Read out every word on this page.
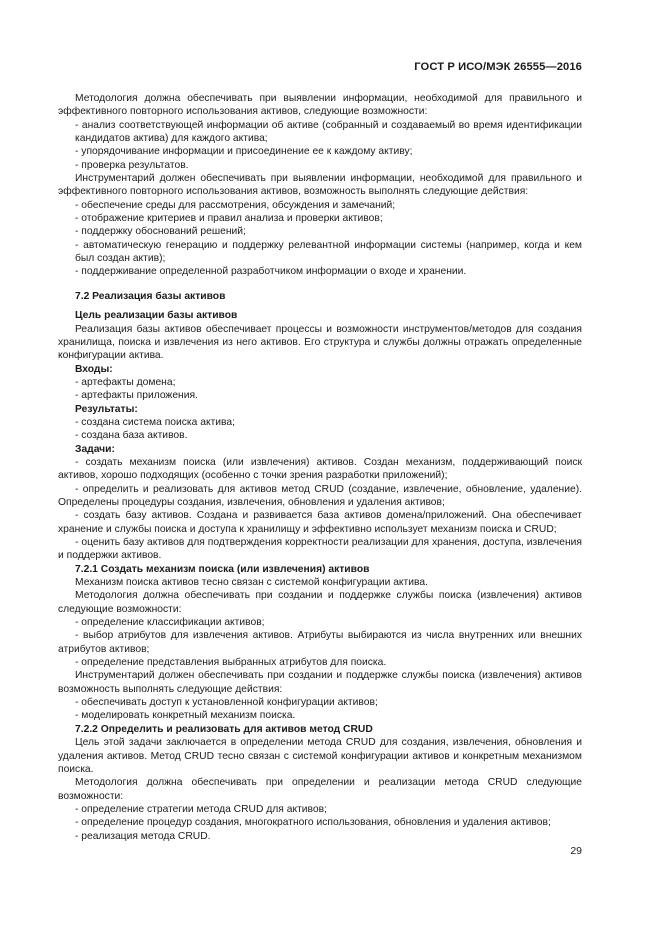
ГОСТ Р ИСО/МЭК 26555—2016

Методология должна обеспечивать при выявлении информации, необходимой для правильного и эффективного повторного использования активов, следующие возможности:

- анализ соответствующей информации об активе (собранный и создаваемый во время идентификации кандидатов актива) для каждого актива;

- упорядочивание информации и присоединение ее к каждому активу;

- проверка результатов.

Инструментарий должен обеспечивать при выявлении информации, необходимой для правильного и эффективного повторного использования активов, возможность выполнять следующие действия:

- обеспечение среды для рассмотрения, обсуждения и замечаний;

- отображение критериев и правил анализа и проверки активов;

- поддержку обоснований решений;

- автоматическую генерацию и поддержку релевантной информации системы (например, когда и кем был создан актив);

- поддерживание определенной разработчиком информации о входе и хранении.

7.2 Реализация базы активов

Цель реализации базы активов

Реализация базы активов обеспечивает процессы и возможности инструментов/методов для создания хранилища, поиска и извлечения из него активов. Его структура и службы должны отражать определенные конфигурации актива.

Входы:

- артефакты домена;

- артефакты приложения.

Результаты:

- создана система поиска актива;

- создана база активов.

Задачи:

- создать механизм поиска (или извлечения) активов. Создан механизм, поддерживающий поиск активов, хорошо подходящих (особенно с точки зрения разработки приложений);

- определить и реализовать для активов метод CRUD (создание, извлечение, обновление, удаление). Определены процедуры создания, извлечения, обновления и удаления активов;

- создать базу активов. Создана и развивается база активов домена/приложений. Она обеспечивает хранение и службы поиска и доступа к хранилищу и эффективно использует механизм поиска и CRUD;

- оценить базу активов для подтверждения корректности реализации для хранения, доступа, извлечения и поддержки активов.

7.2.1 Создать механизм поиска (или извлечения) активов

Механизм поиска активов тесно связан с системой конфигурации актива.

Методология должна обеспечивать при создании и поддержке службы поиска (извлечения) активов следующие возможности:

- определение классификации активов;

- выбор атрибутов для извлечения активов. Атрибуты выбираются из числа внутренних или внешних атрибутов активов;

- определение представления выбранных атрибутов для поиска.

Инструментарий должен обеспечивать при создании и поддержке службы поиска (извлечения) активов возможность выполнять следующие действия:

- обеспечивать доступ к установленной конфигурации активов;

- моделировать конкретный механизм поиска.

7.2.2 Определить и реализовать для активов метод CRUD

Цель этой задачи заключается в определении метода CRUD для создания, извлечения, обновления и удаления активов. Метод CRUD тесно связан с системой конфигурации активов и конкретным механизмом поиска.

Методология должна обеспечивать при определении и реализации метода CRUD следующие возможности:

- определение стратегии метода CRUD для активов;

- определение процедур создания, многократного использования, обновления и удаления активов;

- реализация метода CRUD.

29
